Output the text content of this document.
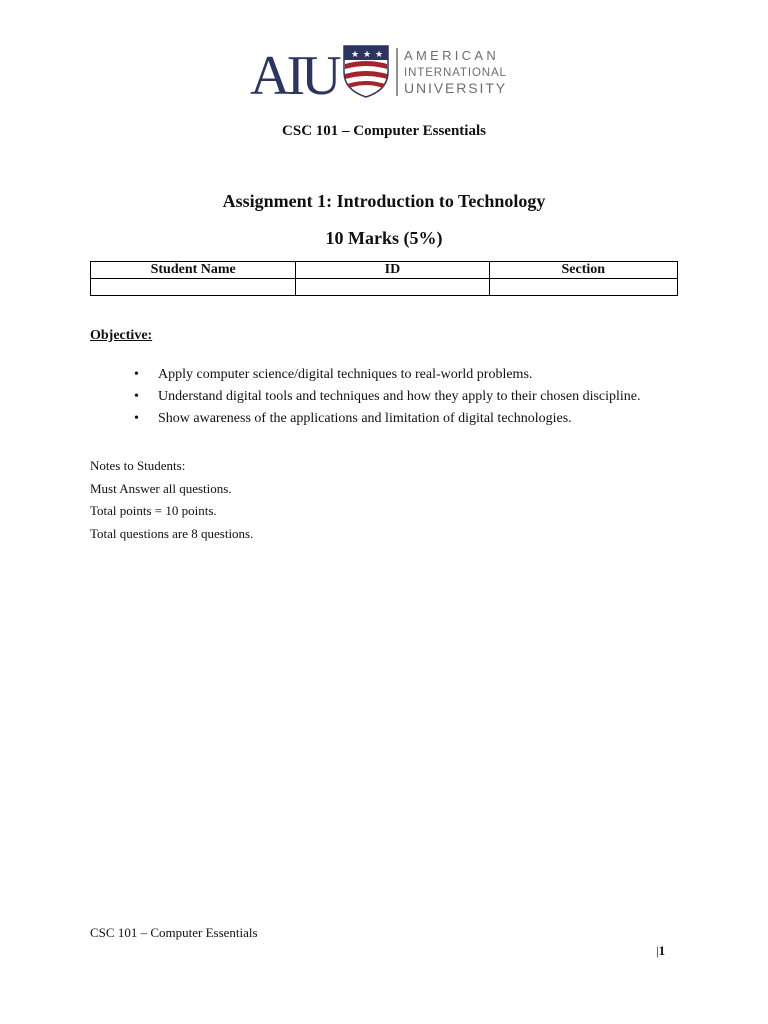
AIU	★ ★ ★ AMERICAN
INTERNATIONAL
UNIVERSITY
CSC 101 – Computer Essentials
Assignment 1: Introduction to Technology
10 Marks (5%)
Student Name	ID	Section

Objective:
• Apply computer science/digital techniques to real-world problems.
• Understand digital tools and techniques and how they apply to their chosen discipline.
• Show awareness of the applications and limitation of digital technologies.
Notes to Students:
Must Answer all questions.
Total points = 10 points.
Total questions are 8 questions.
CSC 101 – Computer Essentials
|1
